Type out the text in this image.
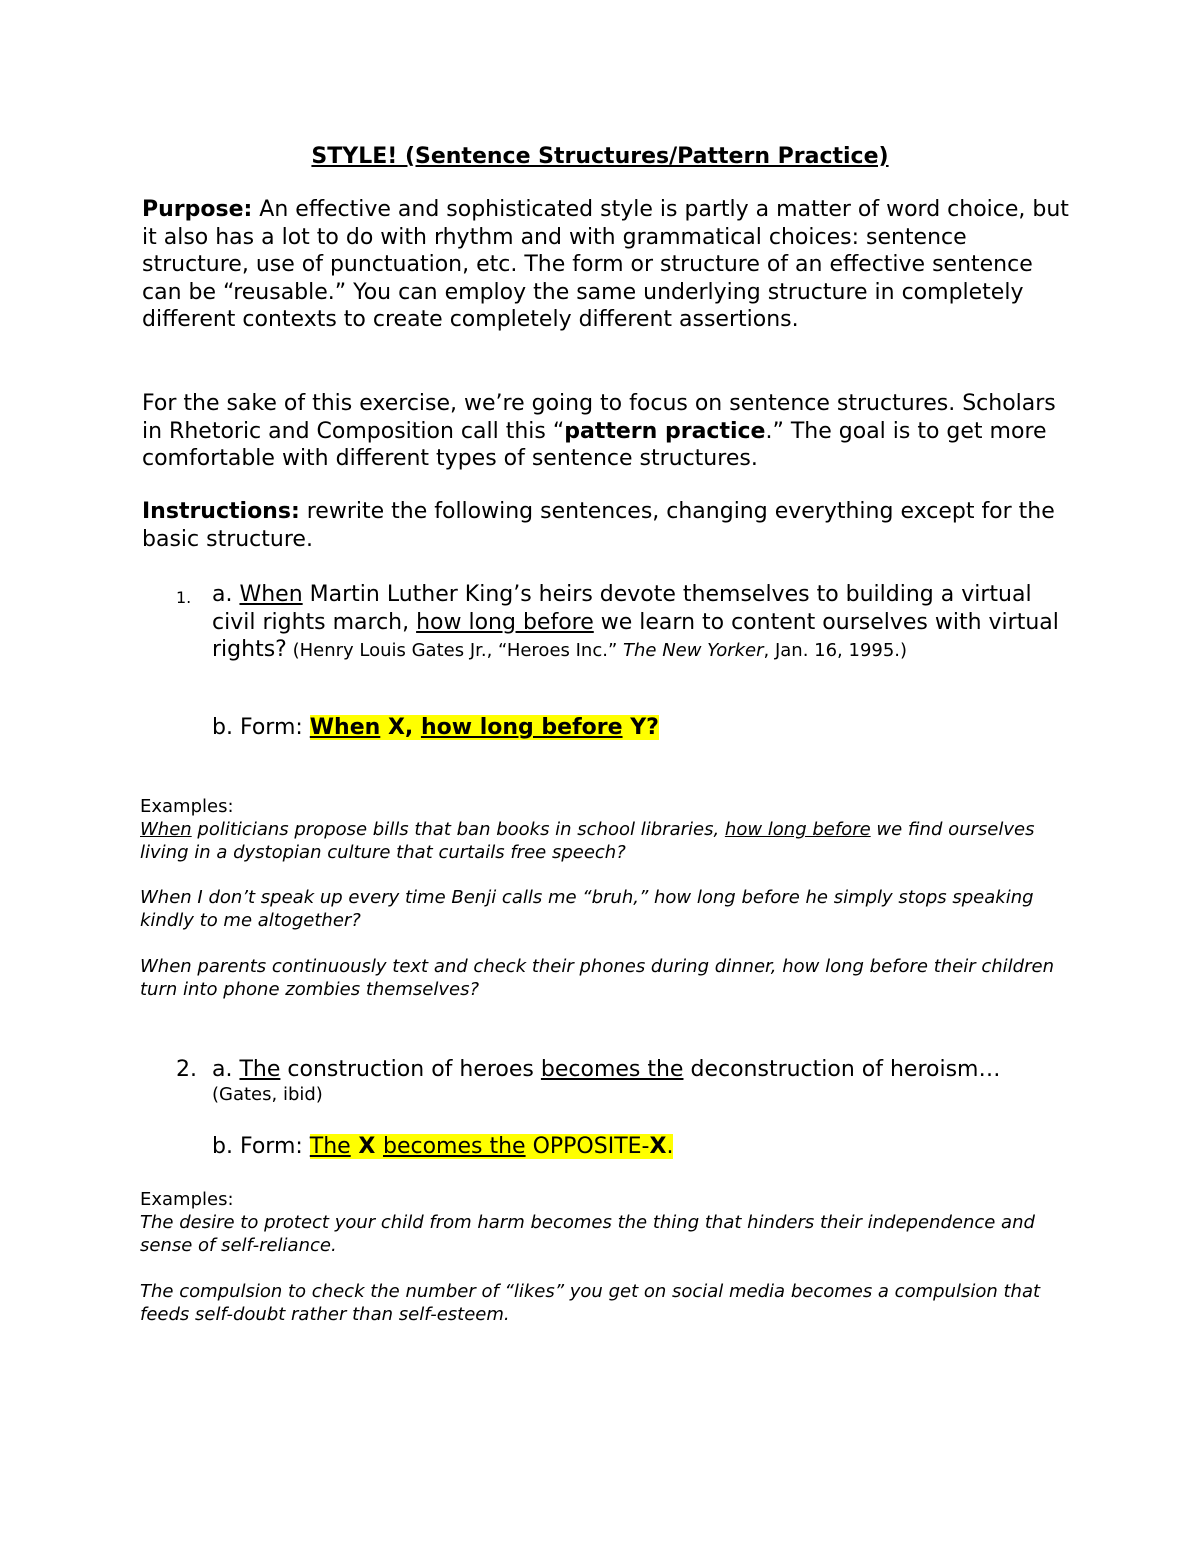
STYLE! (Sentence Structures/Pattern Practice)
Purpose: An effective and sophisticated style is partly a matter of word choice, but it also has a lot to do with rhythm and with grammatical choices: sentence structure, use of punctuation, etc. The form or structure of an effective sentence can be “reusable.” You can employ the same underlying structure in completely different contexts to create completely different assertions.
For the sake of this exercise, we’re going to focus on sentence structures. Scholars in Rhetoric and Composition call this “pattern practice.” The goal is to get more comfortable with different types of sentence structures.
Instructions: rewrite the following sentences, changing everything except for the basic structure.
1. a. When Martin Luther King’s heirs devote themselves to building a virtual civil rights march, how long before we learn to content ourselves with virtual rights? (Henry Louis Gates Jr., “Heroes Inc.” The New Yorker, Jan. 16, 1995.)
b. Form: When X, how long before Y?
Examples:
When politicians propose bills that ban books in school libraries, how long before we find ourselves living in a dystopian culture that curtails free speech?
When I don’t speak up every time Benji calls me “bruh,” how long before he simply stops speaking kindly to me altogether?
When parents continuously text and check their phones during dinner, how long before their children turn into phone zombies themselves?
2. a. The construction of heroes becomes the deconstruction of heroism…
(Gates, ibid)
b. Form: The X becomes the OPPOSITE-X.
Examples:
The desire to protect your child from harm becomes the thing that hinders their independence and sense of self-reliance.
The compulsion to check the number of “likes” you get on social media becomes a compulsion that feeds self-doubt rather than self-esteem.
